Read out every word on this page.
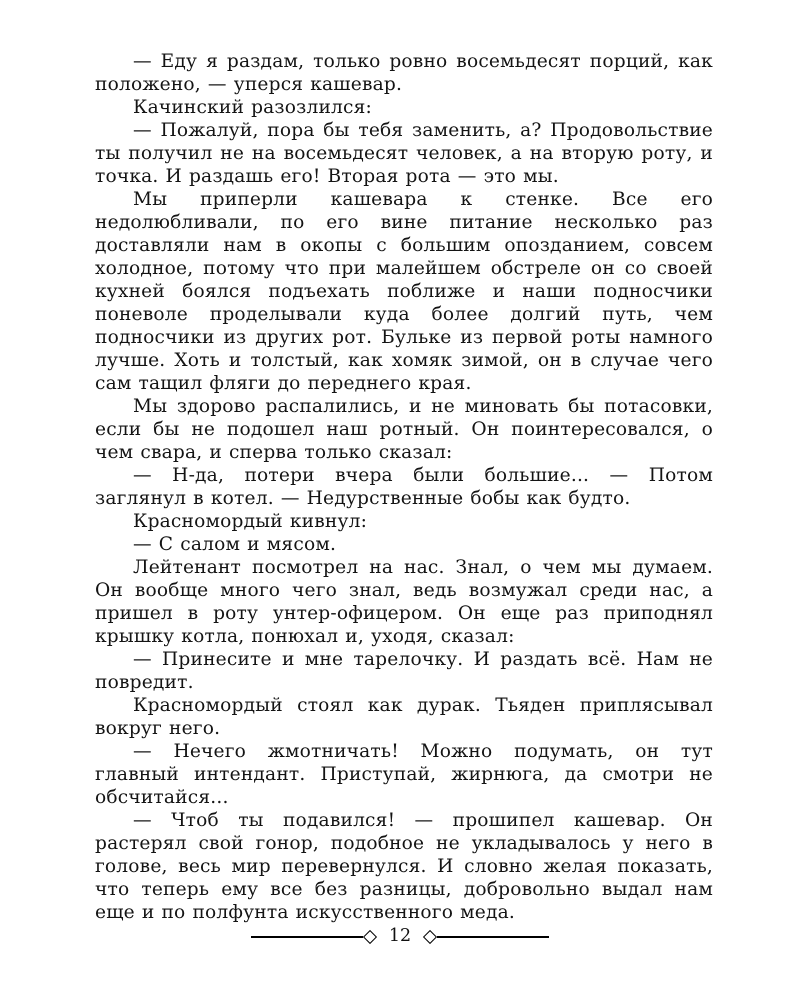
— Еду я раздам, только ровно восемьдесят порций, как положено, — уперся кашевар.

Качинский разозлился:

— Пожалуй, пора бы тебя заменить, а? Продовольствие ты получил не на восемьдесят человек, а на вторую роту, и точка. И раздашь его! Вторая рота — это мы.

Мы приперли кашевара к стенке. Все его недолюбливали, по его вине питание несколько раз доставляли нам в окопы с большим опозданием, совсем холодное, потому что при малейшем обстреле он со своей кухней боялся подъехать поближе и наши подносчики поневоле проделывали куда более долгий путь, чем подносчики из других рот. Бульке из первой роты намного лучше. Хоть и толстый, как хомяк зимой, он в случае чего сам тащил фляги до переднего края.

Мы здорово распалились, и не миновать бы потасовки, если бы не подошел наш ротный. Он поинтересовался, о чем свара, и сперва только сказал:

— Н-да, потери вчера были большие... — Потом заглянул в котел. — Недурственные бобы как будто.

Красномордый кивнул:

— С салом и мясом.

Лейтенант посмотрел на нас. Знал, о чем мы думаем. Он вообще много чего знал, ведь возмужал среди нас, а пришел в роту унтер-офицером. Он еще раз приподнял крышку котла, понюхал и, уходя, сказал:

— Принесите и мне тарелочку. И раздать всё. Нам не повредит.

Красномордый стоял как дурак. Тьяден приплясывал вокруг него.

— Нечего жмотничать! Можно подумать, он тут главный интендант. Приступай, жирнюга, да смотри не обсчитайся...

— Чтоб ты подавился! — прошипел кашевар. Он растерял свой гонор, подобное не укладывалось у него в голове, весь мир перевернулся. И словно желая показать, что теперь ему все без разницы, добровольно выдал нам еще и по полфунта искусственного меда.

12
